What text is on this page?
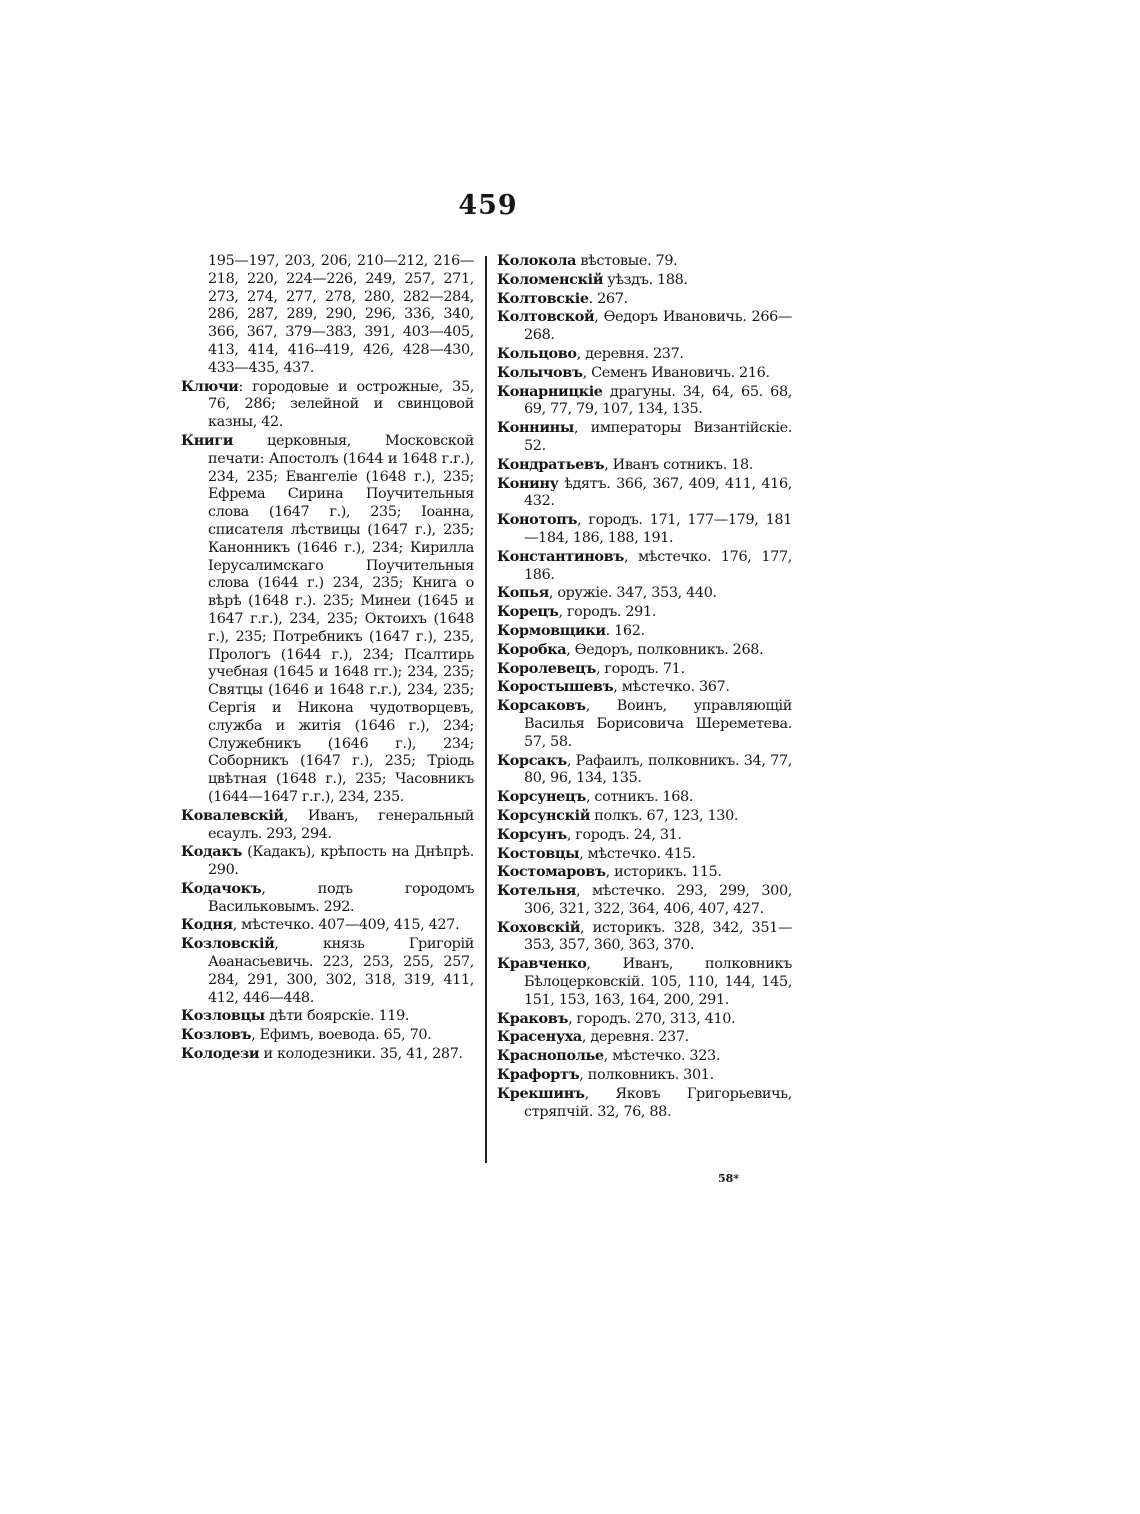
459

195—197, 203, 206, 210—212, 216—218, 220, 224—226, 249, 257, 271, 273, 274, 277, 278, 280, 282—284, 286, 287, 289, 290, 296, 336, 340, 366, 367, 379—383, 391, 403—405, 413, 414, 416--419, 426, 428—430, 433—435, 437.

Ключи: городовые и острожные, 35, 76, 286; зелейной и свинцовой казны, 42.

Книги церковныя, Московской печати: Апостолъ (1644 и 1648 г.г.), 234, 235; Евангеліе (1648 г.), 235; Ефрема Сирина Поучительныя слова (1647 г.), 235; Іоанна, списателя лѣствицы (1647 г.), 235; Канонникъ (1646 г.), 234; Кирилла Іерусалимскаго Поучительныя слова (1644 г.) 234, 235; Книга о вѣрѣ (1648 г.). 235; Минеи (1645 и 1647 г.г.), 234, 235; Октоихъ (1648 г.), 235; Потребникъ (1647 г.), 235, Прологъ (1644 г.), 234; Псалтирь учебная (1645 и 1648 гг.); 234, 235; Святцы (1646 и 1648 г.г.), 234, 235; Сергія и Никона чудотворцевъ, служба и житія (1646 г.), 234; Служебникъ (1646 г.), 234; Соборникъ (1647 г.), 235; Тріодь цвѣтная (1648 г.), 235; Часовникъ (1644—1647 г.г.), 234, 235.

Ковалевскій, Иванъ, генеральный есаулъ. 293, 294.

Кодакъ (Кадакъ), крѣпость на Днѣпрѣ. 290.

Кодачокъ, подъ городомъ Васильковымъ. 292.

Кодня, мѣстечко. 407—409, 415, 427.

Козловскій, князь Григорій Аѳанасьевичь. 223, 253, 255, 257, 284, 291, 300, 302, 318, 319, 411, 412, 446—448.

Козловцы дѣти боярскіе. 119.

Козловъ, Ефимъ, воевода. 65, 70.

Колодези и колодезники. 35, 41, 287.

Колокола вѣстовые. 79.

Коломенскій уѣздъ. 188.

Колтовскіе. 267.

Колтовской, Ѳедоръ Ивановичь. 266—268.

Кольцово, деревня. 237.

Колычовъ, Семенъ Ивановичь. 216.

Конарницкіе драгуны. 34, 64, 65. 68, 69, 77, 79, 107, 134, 135.

Коннины, императоры Византійскіе. 52.

Кондратьевъ, Иванъ сотникъ. 18.

Конину ѣдятъ. 366, 367, 409, 411, 416, 432.

Конотопъ, городъ. 171, 177—179, 181—184, 186, 188, 191.

Константиновъ, мѣстечко. 176, 177, 186.

Копья, оружіе. 347, 353, 440.

Корецъ, городъ. 291.

Кормовщики. 162.

Коробка, Ѳедоръ, полковникъ. 268.

Королевецъ, городъ. 71.

Коростышевъ, мѣстечко. 367.

Корсаковъ, Воинъ, управляющій Василья Борисовича Шереметева. 57, 58.

Корсакъ, Рафаилъ, полковникъ. 34, 77, 80, 96, 134, 135.

Корсунецъ, сотникъ. 168.

Корсунскій полкъ. 67, 123, 130.

Корсунъ, городъ. 24, 31.

Костовцы, мѣстечко. 415.

Костомаровъ, историкъ. 115.

Котельня, мѣстечко. 293, 299, 300, 306, 321, 322, 364, 406, 407, 427.

Коховскій, историкъ. 328, 342, 351—353, 357, 360, 363, 370.

Кравченко, Иванъ, полковникъ Бѣлоцерковскій. 105, 110, 144, 145, 151, 153, 163, 164, 200, 291.

Краковъ, городъ. 270, 313, 410.

Красенуха, деревня. 237.

Краснополье, мѣстечко. 323.

Крафортъ, полковникъ. 301.

Крекшинъ, Яковъ Григорьевичь, стряпчій. 32, 76, 88.

58*
